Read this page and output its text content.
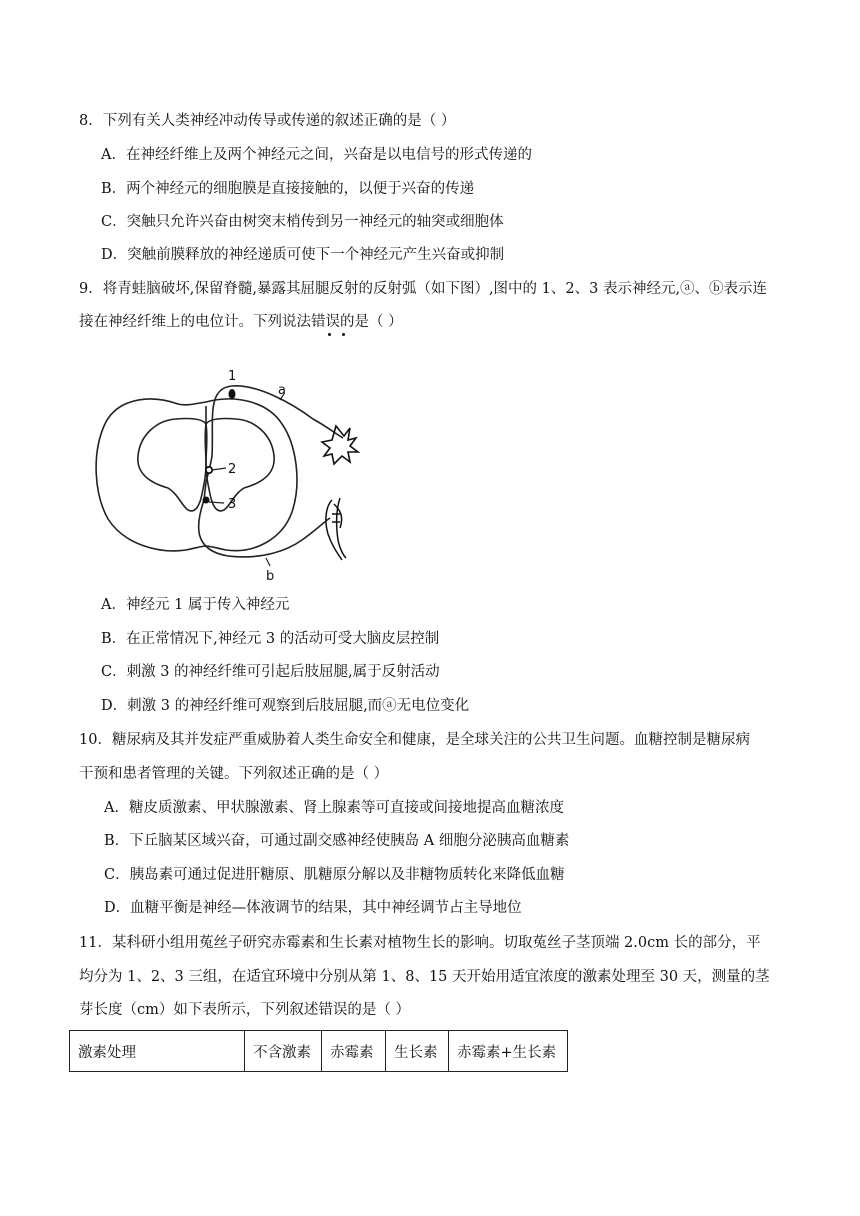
8．下列有关人类神经冲动传导或传递的叙述正确的是（ ）
A．在神经纤维上及两个神经元之间，兴奋是以电信号的形式传递的
B．两个神经元的细胞膜是直接接触的，以便于兴奋的传递
C．突触只允许兴奋由树突末梢传到另一神经元的轴突或细胞体
D．突触前膜释放的神经递质可使下一个神经元产生兴奋或抑制
9．将青蛙脑破坏,保留脊髓,暴露其屈腿反射的反射弧（如下图）,图中的 1、2、3 表示神经元,ⓐ、ⓑ表示连
接在神经纤维上的电位计。下列说法错误的是（ ）
1
2
3
a
b
A．神经元 1 属于传入神经元
B．在正常情况下,神经元 3 的活动可受大脑皮层控制
C．刺激 3 的神经纤维可引起后肢屈腿,属于反射活动
D．刺激 3 的神经纤维可观察到后肢屈腿,而ⓐ无电位变化
10．糖尿病及其并发症严重威胁着人类生命安全和健康，是全球关注的公共卫生问题。血糖控制是糖尿病
干预和患者管理的关键。下列叙述正确的是（ ）
A．糖皮质激素、甲状腺激素、肾上腺素等可直接或间接地提高血糖浓度
B．下丘脑某区域兴奋，可通过副交感神经使胰岛 A 细胞分泌胰高血糖素
C．胰岛素可通过促进肝糖原、肌糖原分解以及非糖物质转化来降低血糖
D．血糖平衡是神经—体液调节的结果，其中神经调节占主导地位
11．某科研小组用菟丝子研究赤霉素和生长素对植物生长的影响。切取菟丝子茎顶端 2.0cm 长的部分，平
均分为 1、2、3 三组，在适宜环境中分别从第 1、8、15 天开始用适宜浓度的激素处理至 30 天，测量的茎
芽长度（cm）如下表所示，下列叙述错误的是（ ）
激素处理	不含激素	赤霉素	生长素	赤霉素+生长素
